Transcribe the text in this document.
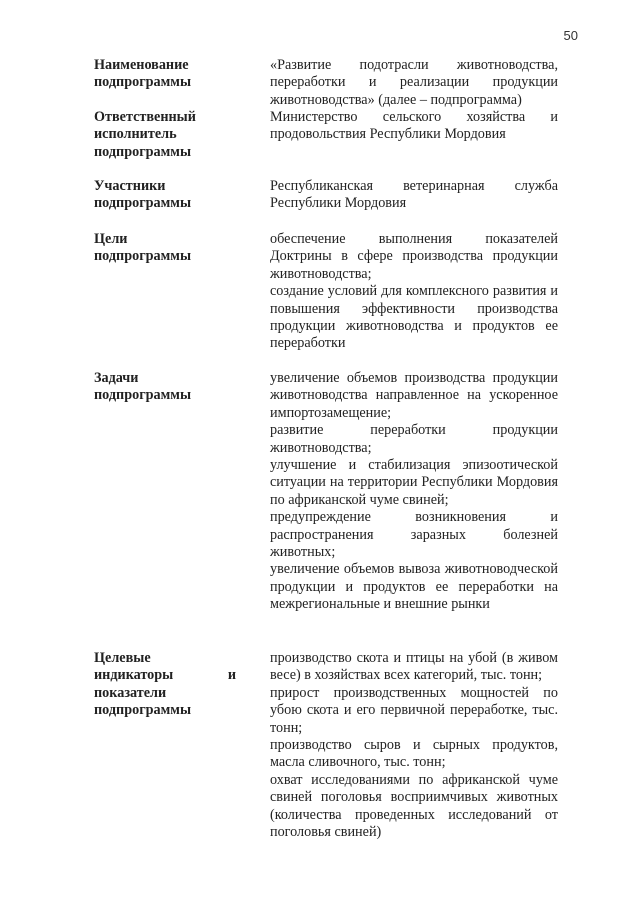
50
Наименование
подпрограммы

«Развитие подотрасли животноводства, переработки и реализации продукции животноводства» (далее – подпрограмма)

Ответственный
исполнитель
подпрограммы

Министерство сельского хозяйства и продовольствия Республики Мордовия

Участники
подпрограммы

Республиканская ветеринарная служба Республики Мордовия

Цели
подпрограммы

обеспечение выполнения показателей Доктрины в сфере производства продукции животноводства;

создание условий для комплексного развития и повышения эффективности производства продукции животноводства и продуктов ее переработки

Задачи
подпрограммы

увеличение объемов производства продукции животноводства направленное на ускоренное импортозамещение;

развитие переработки продукции животноводства;

улучшение и стабилизация эпизоотической ситуации на территории Республики Мордовия по африканской чуме свиней;

предупреждение возникновения и распространения заразных болезней животных;

увеличение объемов вывоза животноводческой продукции и продуктов ее переработки на межрегиональные и внешние рынки

Целевые
индикаторы и
показатели
подпрограммы

производство скота и птицы на убой (в живом весе) в хозяйствах всех категорий, тыс. тонн;

прирост производственных мощностей по убою скота и его первичной переработке, тыс. тонн;

производство сыров и сырных продуктов, масла сливочного, тыс. тонн;

охват исследованиями по африканской чуме свиней поголовья восприимчивых животных (количества проведенных исследований от поголовья свиней)
